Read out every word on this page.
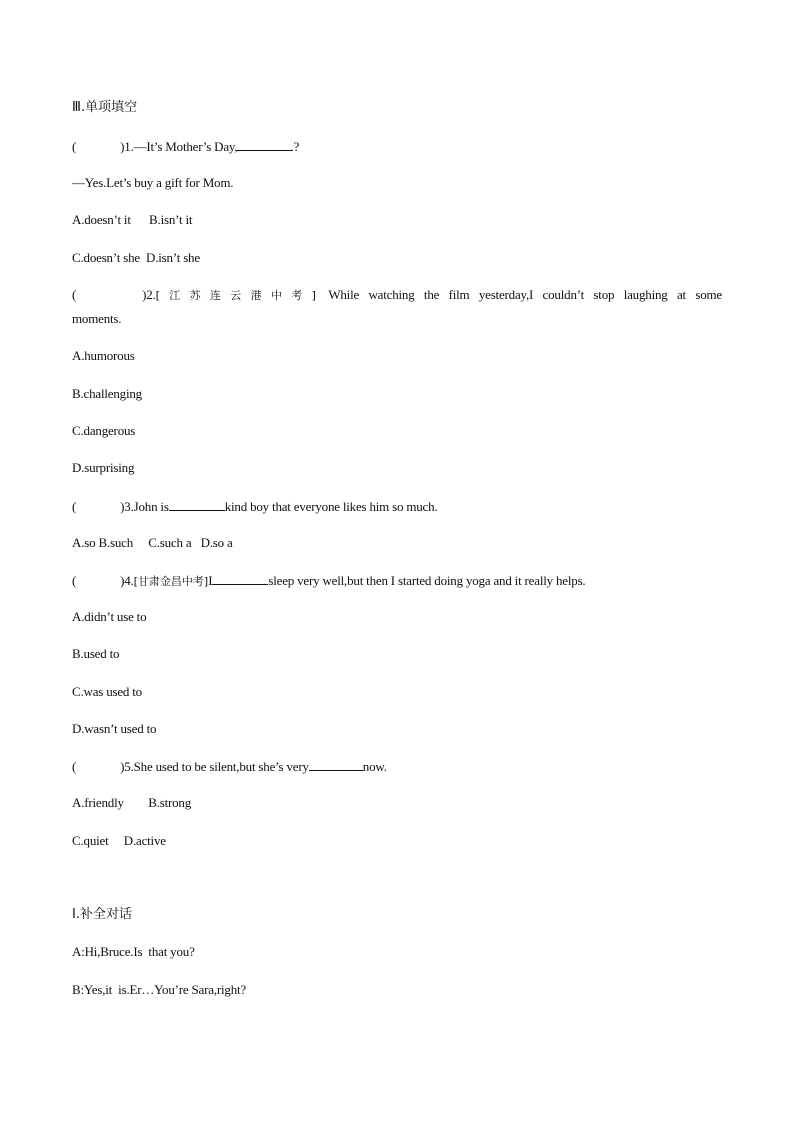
Ⅲ.单项填空
(	)1.—It’s Mother’s Day,	?
—Yes.Let’s buy a gift for Mom.
A.doesn’t it      B.isn’t it
C.doesn’t she  D.isn’t she
(	)2.[江苏连云港中考] While watching the film yesterday,I couldn’t stop laughing at some
moments.
A.humorous
B.challenging
C.dangerous
D.surprising
(	)3.John is	kind boy that everyone likes him so much.
A.so B.such     C.such a   D.so a
(	)4.[甘肃金昌中考]I	sleep very well,but then I started doing yoga and it really helps.
A.didn’t use to
B.used to
C.was used to
D.wasn’t used to
(	)5.She used to be silent,but she’s very	now.
A.friendly        B.strong
C.quiet     D.active
Ⅰ.补全对话
A:Hi,Bruce.Is  that you?
B:Yes,it  is.Er…You’re Sara,right?
